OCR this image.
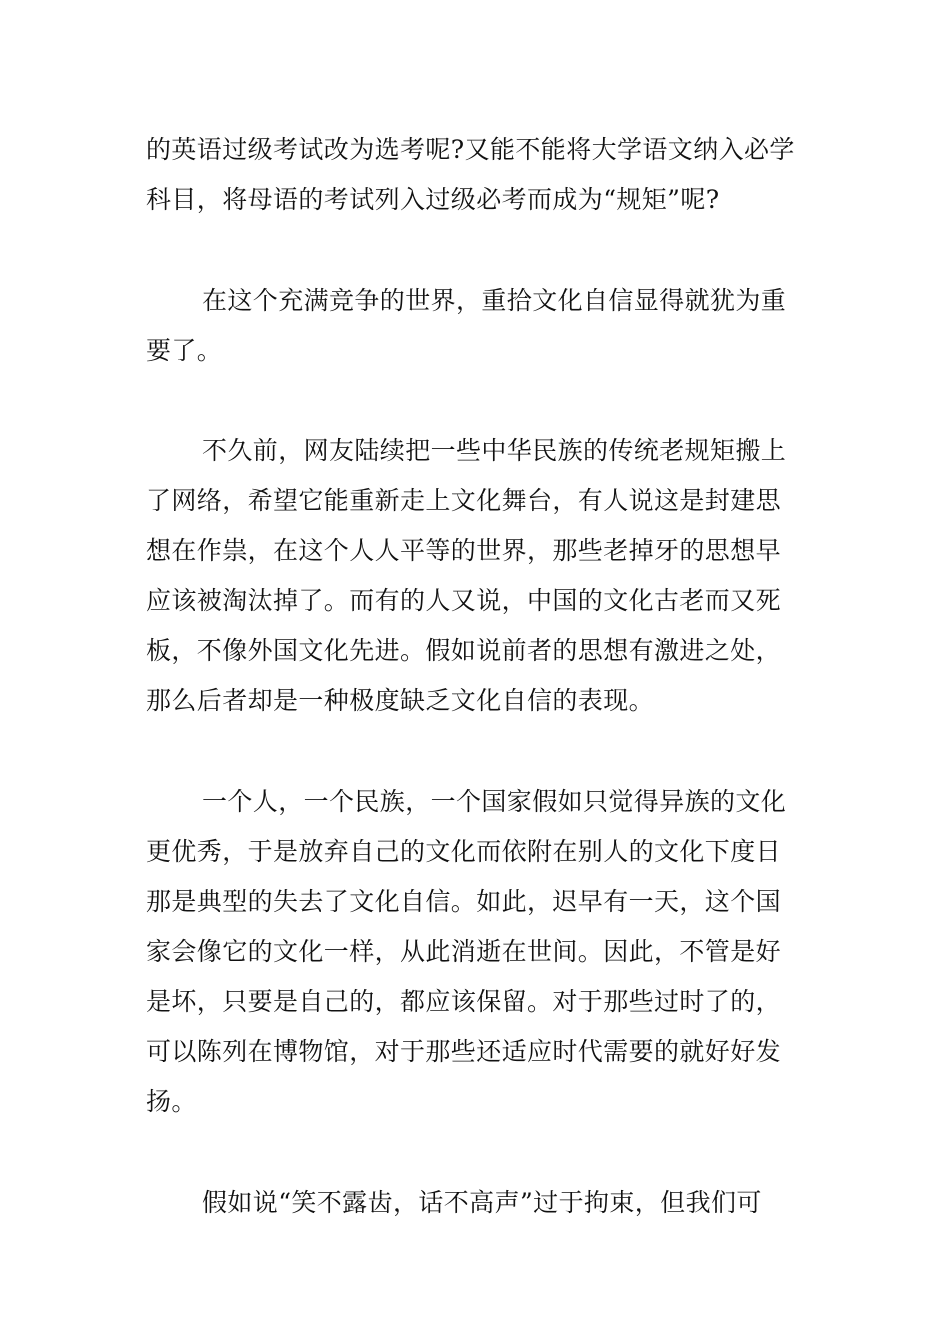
的英语过级考试改为选考呢?又能不能将大学语文纳入必学
科目，将母语的考试列入过级必考而成为“规矩”呢?
在这个充满竞争的世界，重拾文化自信显得就犹为重
要了。
不久前，网友陆续把一些中华民族的传统老规矩搬上
了网络，希望它能重新走上文化舞台，有人说这是封建思
想在作祟，在这个人人平等的世界，那些老掉牙的思想早
应该被淘汰掉了。而有的人又说，中国的文化古老而又死
板，不像外国文化先进。假如说前者的思想有激进之处，
那么后者却是一种极度缺乏文化自信的表现。
一个人，一个民族，一个国家假如只觉得异族的文化
更优秀，于是放弃自己的文化而依附在别人的文化下度日
那是典型的失去了文化自信。如此，迟早有一天，这个国
家会像它的文化一样，从此消逝在世间。因此，不管是好
是坏，只要是自己的，都应该保留。对于那些过时了的，
可以陈列在博物馆，对于那些还适应时代需要的就好好发
扬。
假如说“笑不露齿，话不高声”过于拘束，但我们可
